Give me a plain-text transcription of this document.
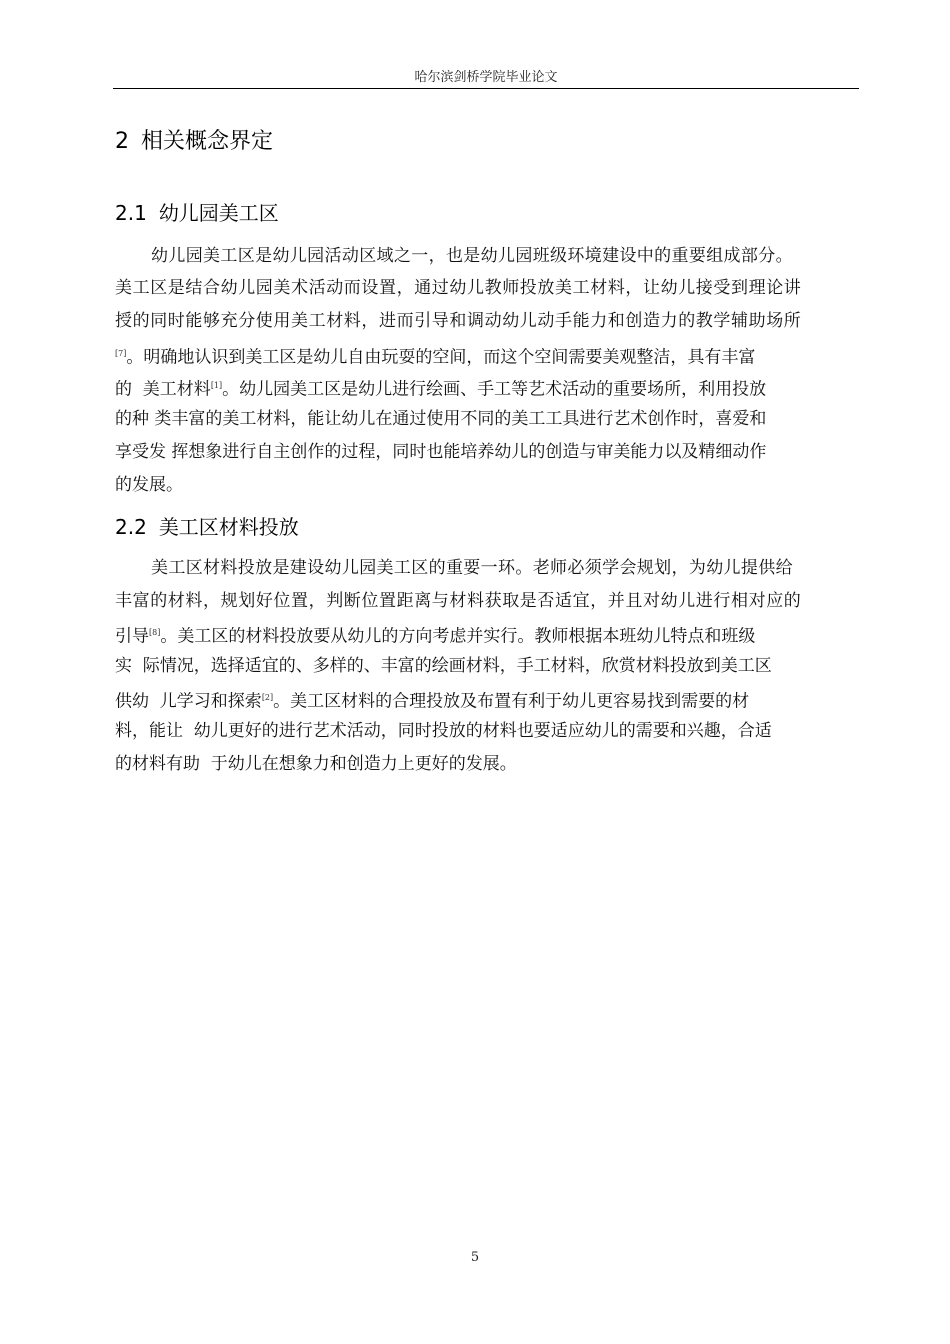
哈尔滨剑桥学院毕业论文
2 相关概念界定
2.1 幼儿园美工区
幼儿园美工区是幼儿园活动区域之一，也是幼儿园班级环境建设中的重要组成部分。
美工区是结合幼儿园美术活动而设置，通过幼儿教师投放美工材料，让幼儿接受到理论讲
授的同时能够充分使用美工材料，进而引导和调动幼儿动手能力和创造力的教学辅助场所
[7]。明确地认识到美工区是幼儿自由玩耍的空间，而这个空间需要美观整洁，具有丰富
的  美工材料[1]。幼儿园美工区是幼儿进行绘画、手工等艺术活动的重要场所，利用投放
的种 类丰富的美工材料，能让幼儿在通过使用不同的美工工具进行艺术创作时，喜爱和
享受发 挥想象进行自主创作的过程，同时也能培养幼儿的创造与审美能力以及精细动作
的发展。
2.2 美工区材料投放
美工区材料投放是建设幼儿园美工区的重要一环。老师必须学会规划，为幼儿提供给
丰富的材料，规划好位置，判断位置距离与材料获取是否适宜，并且对幼儿进行相对应的
引导[8]。美工区的材料投放要从幼儿的方向考虑并实行。教师根据本班幼儿特点和班级
实  际情况，选择适宜的、多样的、丰富的绘画材料，手工材料，欣赏材料投放到美工区
供幼  儿学习和探索[2]。美工区材料的合理投放及布置有利于幼儿更容易找到需要的材
料，能让  幼儿更好的进行艺术活动，同时投放的材料也要适应幼儿的需要和兴趣，合适
的材料有助  于幼儿在想象力和创造力上更好的发展。
5
